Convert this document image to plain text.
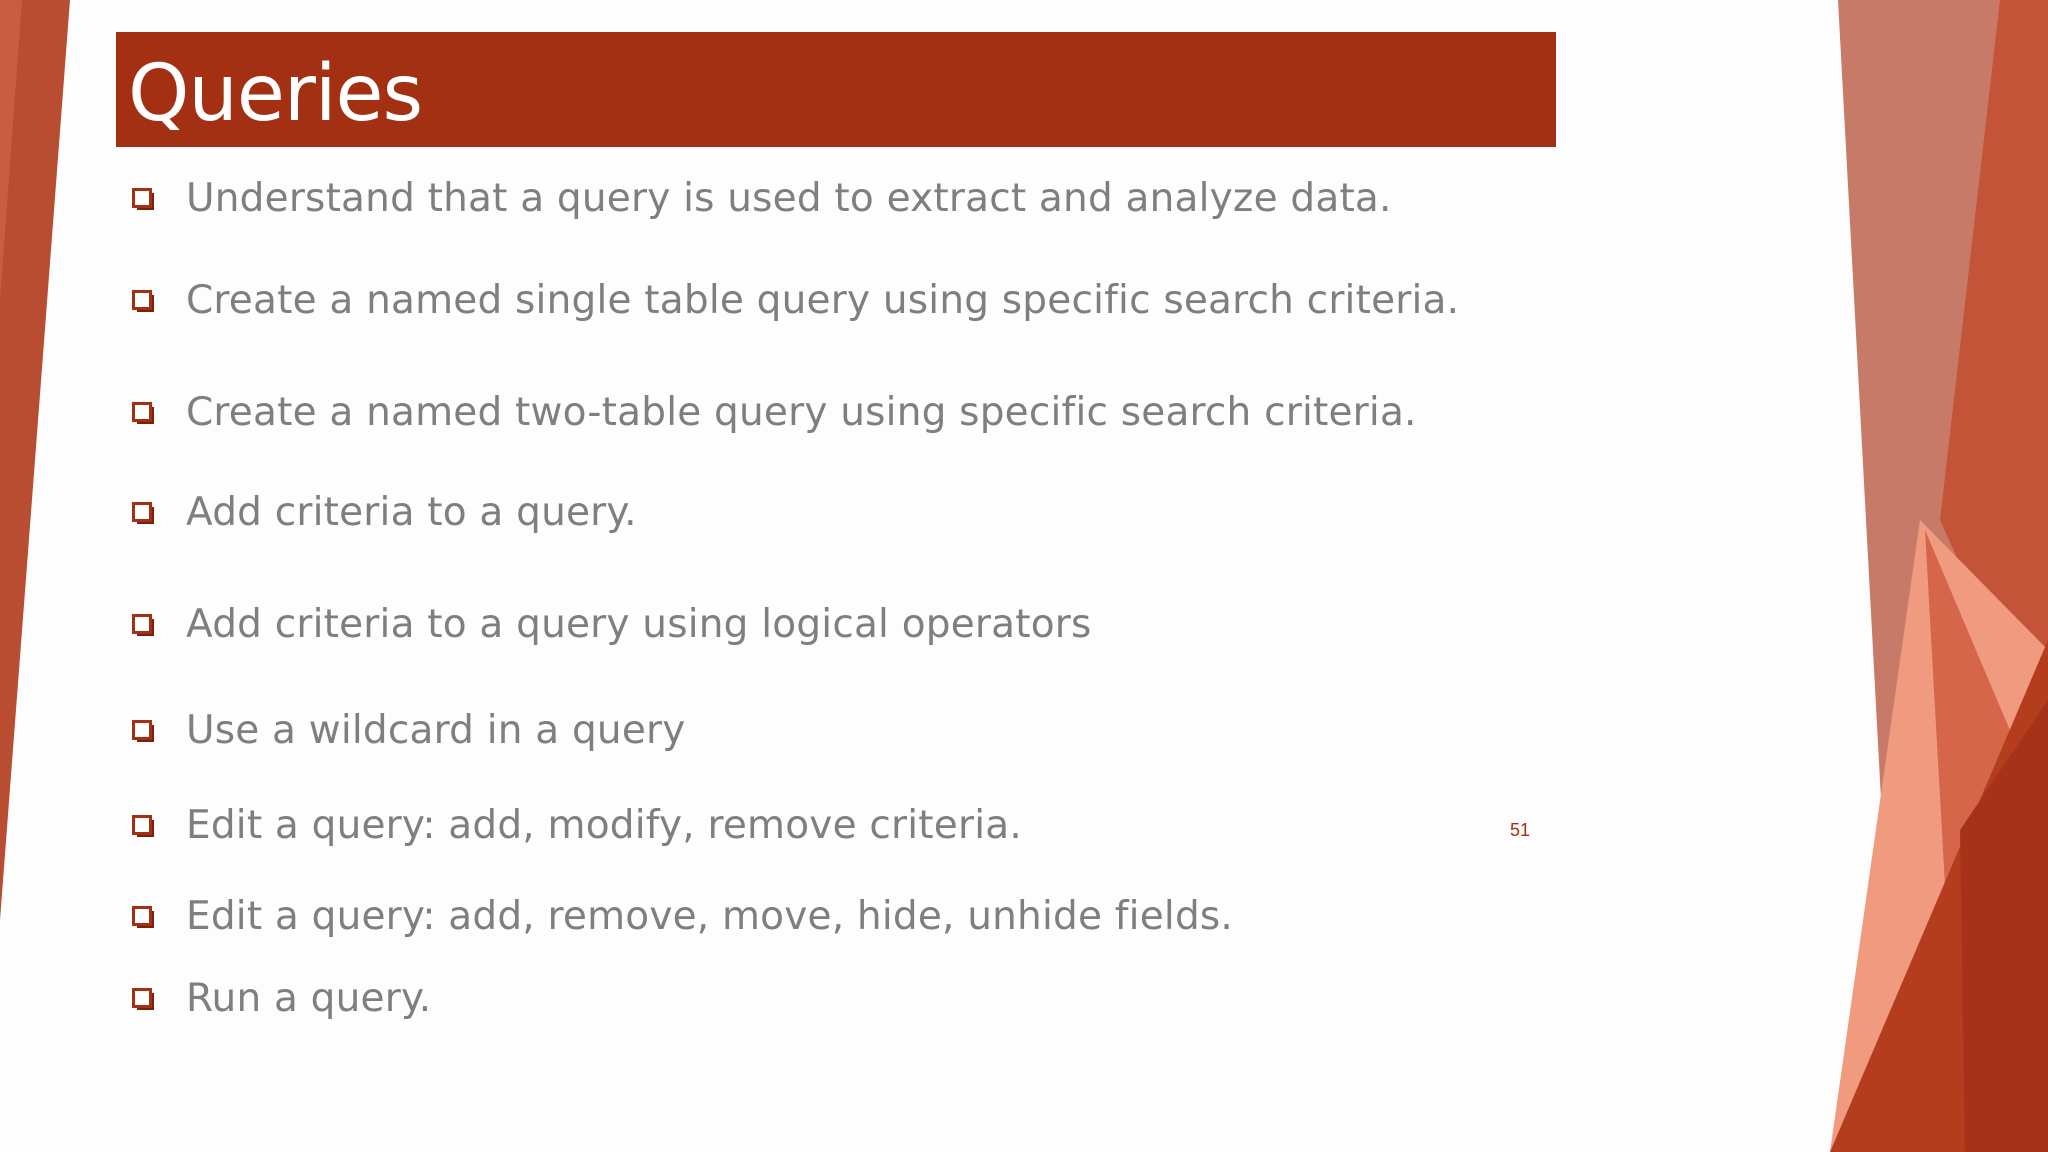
Queries
Understand that a query is used to extract and analyze data.
Create a named single table query using specific search criteria.
Create a named two-table query using specific search criteria.
Add criteria to a query.
Add criteria to a query using logical operators
Use a wildcard in a query
Edit a query: add, modify, remove criteria.
Edit a query: add, remove, move, hide, unhide fields.
Run a query.
51
